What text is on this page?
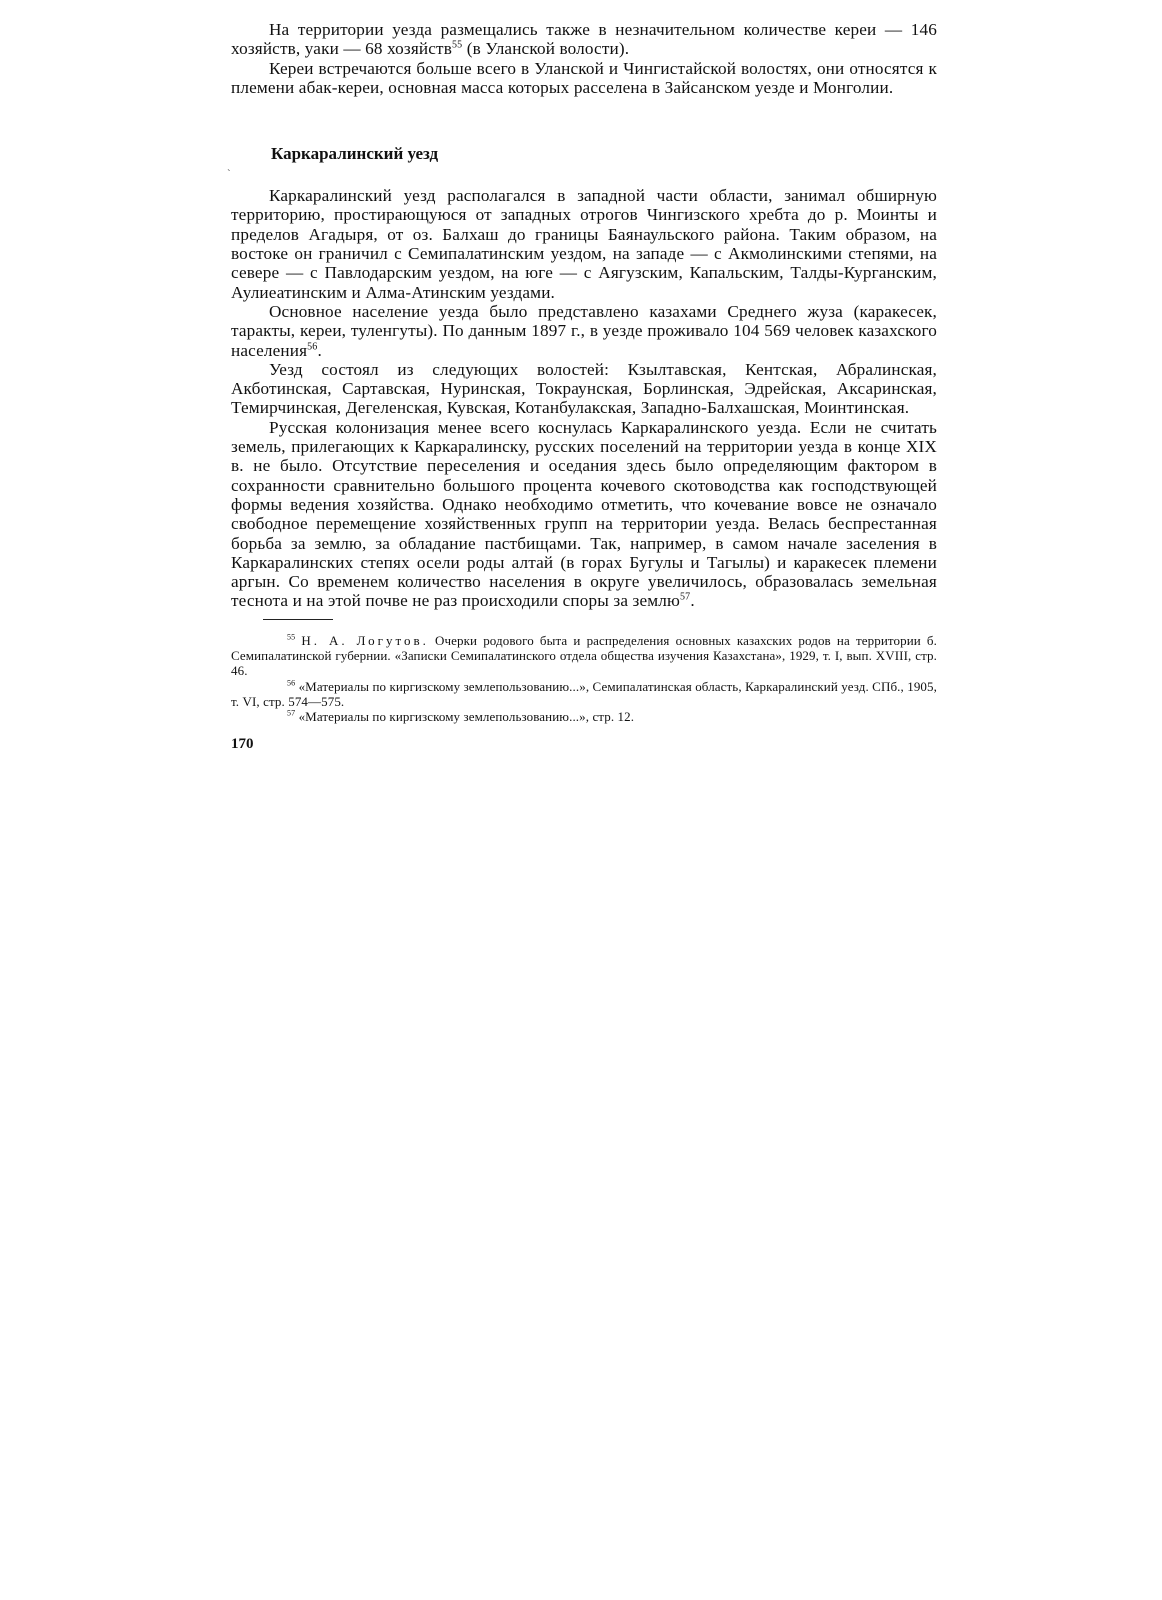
`

На территории уезда размещались также в незначительном количестве кереи — 146 хозяйств, уаки — 68 хозяйств$^{55}$ (в Уланской волости).

Кереи встречаются больше всего в Уланской и Чингистайской волостях, они относятся к племени абак-кереи, основная масса которых расселена в Зайсанском уезде и Монголии.

Каркаралинский уезд

Каркаралинский уезд располагался в западной части области, занимал обширную территорию, простирающуюся от западных отрогов Чингизского хребта до р. Моинты и пределов Агадыря, от оз. Балхаш до границы Баянаульского района. Таким образом, на востоке он граничил с Семипалатинским уездом, на западе — с Акмолинскими степями, на севере — с Павлодарским уездом, на юге — с Аягузским, Капальским, Талды-Курганским, Аулиеатинским и Алма-Атинским уездами.

Основное население уезда было представлено казахами Среднего жуза (каракесек, таракты, кереи, туленгуты). По данным 1897 г., в уезде проживало 104 569 человек казахского населения$^{56}$.

Уезд состоял из следующих волостей: Кзылтавская, Кентская, Абралинская, Акботинская, Сартавская, Нуринская, Токраунская, Борлинская, Эдрейская, Аксаринская, Темирчинская, Дегеленская, Кувская, Котанбулакская, Западно-Балхашская, Моинтинская.

Русская колонизация менее всего коснулась Каркаралинского уезда. Если не считать земель, прилегающих к Каркаралинску, русских поселений на территории уезда в конце XIX в. не было. Отсутствие переселения и оседания здесь было определяющим фактором в сохранности сравнительно большого процента кочевого скотоводства как господствующей формы ведения хозяйства. Однако необходимо отметить, что кочевание вовсе не означало свободное перемещение хозяйственных групп на территории уезда. Велась беспрестанная борьба за землю, за обладание пастбищами. Так, например, в самом начале заселения в Каркаралинских степях осели роды алтай (в горах Бугулы и Тагылы) и каракесек племени аргын. Со временем количество населения в округе увеличилось, образовалась земельная теснота и на этой почве не раз происходили споры за землю$^{57}$.

$^{55}$ Н. А. Логутов. Очерки родового быта и распределения основных казахских родов на территории б. Семипалатинской губернии. «Записки Семипалатинского отдела общества изучения Казахстана», 1929, т. I, вып. XVIII, стр. 46.

$^{56}$ «Материалы по киргизскому землепользованию...», Семипалатинская область, Каркаралинский уезд. СПб., 1905, т. VI, стр. 574—575.

$^{57}$ «Материалы по киргизскому землепользованию...», стр. 12.

170
